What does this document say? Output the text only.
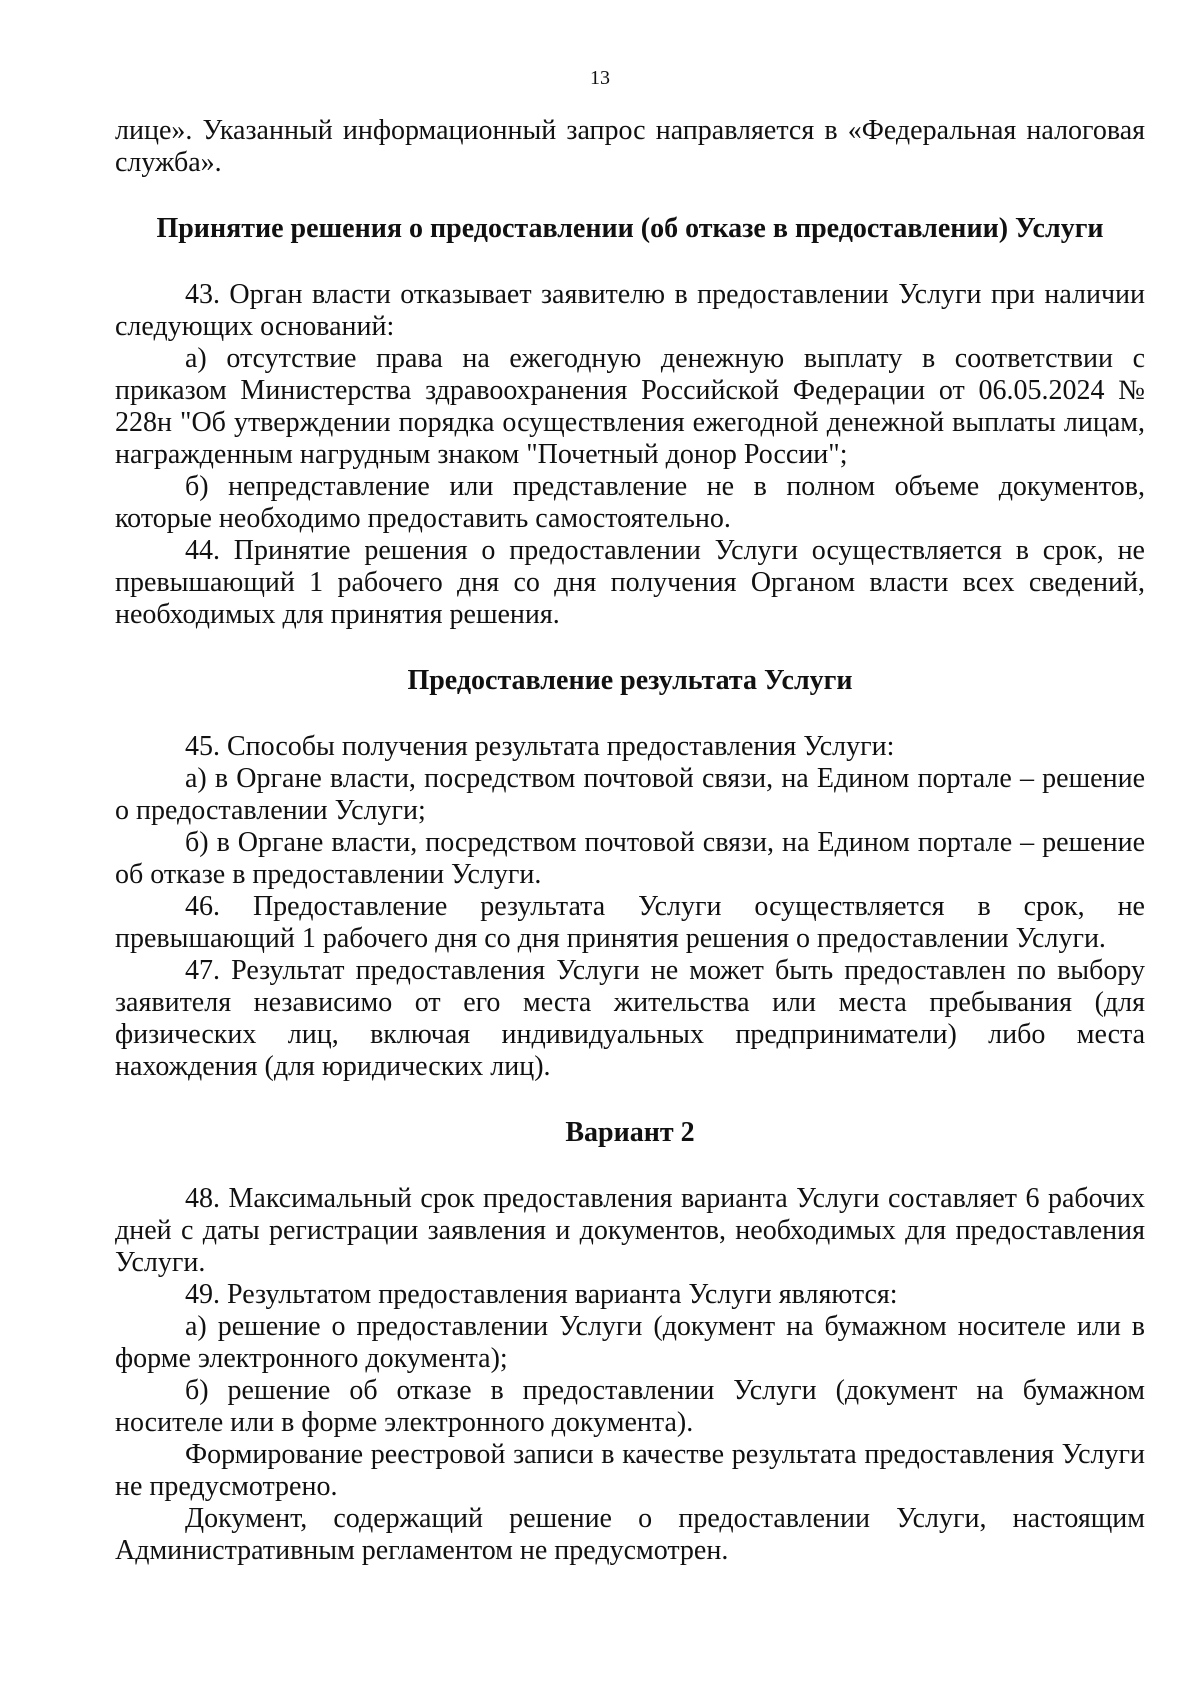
13

лице». Указанный информационный запрос направляется в «Федеральная налоговая служба».

Принятие решения о предоставлении (об отказе в предоставлении) Услуги

43. Орган власти отказывает заявителю в предоставлении Услуги при наличии следующих оснований:

а) отсутствие права на ежегодную денежную выплату в соответствии с приказом Министерства здравоохранения Российской Федерации от 06.05.2024 № 228н "Об утверждении порядка осуществления ежегодной денежной выплаты лицам, награжденным нагрудным знаком "Почетный донор России";

б) непредставление или представление не в полном объеме документов, которые необходимо предоставить самостоятельно.

44. Принятие решения о предоставлении Услуги осуществляется в срок, не превышающий 1 рабочего дня со дня получения Органом власти всех сведений, необходимых для принятия решения.

Предоставление результата Услуги

45. Способы получения результата предоставления Услуги:

а) в Органе власти, посредством почтовой связи, на Едином портале – решение о предоставлении Услуги;

б) в Органе власти, посредством почтовой связи, на Едином портале – решение об отказе в предоставлении Услуги.

46. Предоставление результата Услуги осуществляется в срок, не превышающий 1 рабочего дня со дня принятия решения о предоставлении Услуги.

47. Результат предоставления Услуги не может быть предоставлен по выбору заявителя независимо от его места жительства или места пребывания (для физических лиц, включая индивидуальных предприниматели) либо места нахождения (для юридических лиц).

Вариант 2

48. Максимальный срок предоставления варианта Услуги составляет 6 рабочих дней с даты регистрации заявления и документов, необходимых для предоставления Услуги.

49. Результатом предоставления варианта Услуги являются:

а) решение о предоставлении Услуги (документ на бумажном носителе или в форме электронного документа);

б) решение об отказе в предоставлении Услуги (документ на бумажном носителе или в форме электронного документа).

Формирование реестровой записи в качестве результата предоставления Услуги не предусмотрено.

Документ, содержащий решение о предоставлении Услуги, настоящим Административным регламентом не предусмотрен.
